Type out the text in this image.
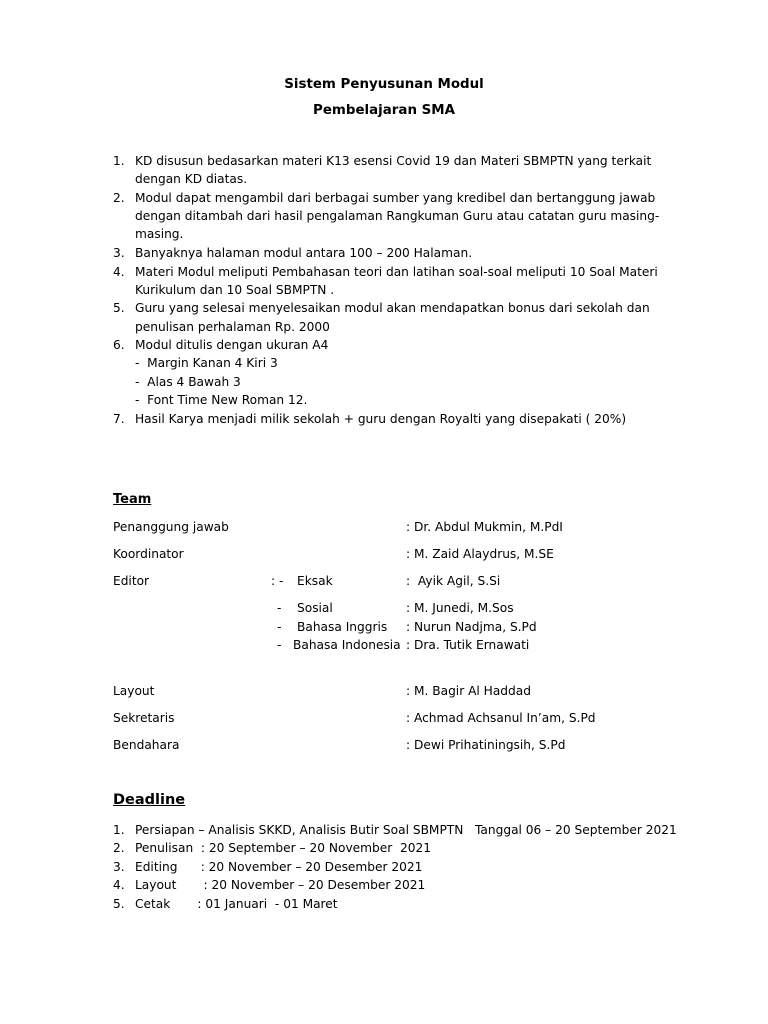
Sistem Penyusunan Modul
Pembelajaran SMA
1. KD disusun bedasarkan materi K13 esensi Covid 19 dan Materi SBMPTN yang terkait
dengan KD diatas.
2. Modul dapat mengambil dari berbagai sumber yang kredibel dan bertanggung jawab
dengan ditambah dari hasil pengalaman Rangkuman Guru atau catatan guru masing-
masing.
3. Banyaknya halaman modul antara 100 – 200 Halaman.
4. Materi Modul meliputi Pembahasan teori dan latihan soal-soal meliputi 10 Soal Materi
Kurikulum dan 10 Soal SBMPTN .
5. Guru yang selesai menyelesaikan modul akan mendapatkan bonus dari sekolah dan
penulisan perhalaman Rp. 2000
6. Modul ditulis dengan ukuran A4
-  Margin Kanan 4 Kiri 3
-  Alas 4 Bawah 3
-  Font Time New Roman 12.
7. Hasil Karya menjadi milik sekolah + guru dengan Royalti yang disepakati ( 20%)
Team
Penanggung jawab	: Dr. Abdul Mukmin, M.PdI
Koordinator	: M. Zaid Alaydrus, M.SE
Editor	: - Eksak	:  Ayik Agil, S.Si
- Sosial	: M. Junedi, M.Sos
- Bahasa Inggris : Nurun Nadjma, S.Pd
- Bahasa Indonesia : Dra. Tutik Ernawati
Layout	: M. Bagir Al Haddad
Sekretaris	: Achmad Achsanul In’am, S.Pd
Bendahara	: Dewi Prihatiningsih, S.Pd
Deadline
1. Persiapan – Analisis SKKD, Analisis Butir Soal SBMPTN   Tanggal 06 – 20 September 2021
2. Penulisan  : 20 September – 20 November  2021
3. Editing      : 20 November – 20 Desember 2021
4. Layout       : 20 November – 20 Desember 2021
5. Cetak       : 01 Januari  - 01 Maret
